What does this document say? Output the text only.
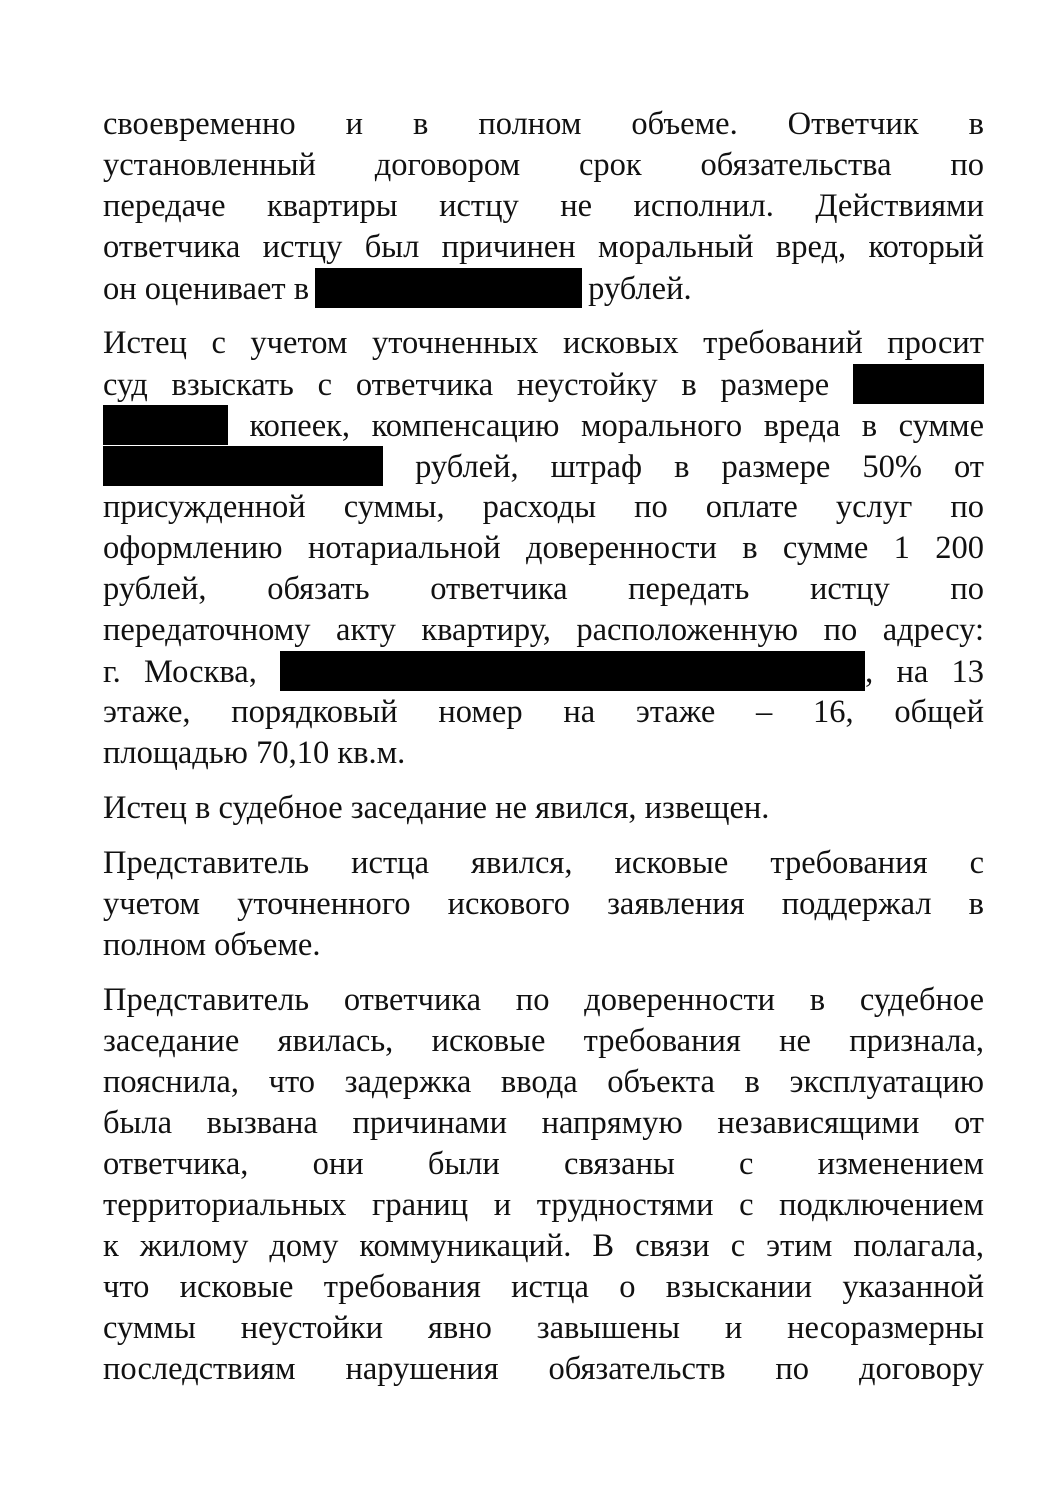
своевременно и в полном объеме. Ответчик в
установленный договором срок обязательства по
передаче квартиры истцу не исполнил. Действиями
ответчика истцу был причинен моральный вред, который
он оценивает в	рублей.
Истец с учетом уточненных исковых требований просит
суд взыскать с ответчика неустойку в размере
копеек, компенсацию морального вреда в сумме
рублей, штраф в размере 50% от
присужденной суммы, расходы по оплате услуг по
оформлению нотариальной доверенности в сумме 1 200
рублей, обязать ответчика передать истцу по
передаточному акту квартиру, расположенную по адресу:
г. Москва,	, на 13
этаже, порядковый номер на этаже – 16, общей
площадью 70,10 кв.м.
Истец в судебное заседание не явился, извещен.
Представитель истца явился, исковые требования с
учетом уточненного искового заявления поддержал в
полном объеме.
Представитель ответчика по доверенности в судебное
заседание явилась, исковые требования не признала,
пояснила, что задержка ввода объекта в эксплуатацию
была вызвана причинами напрямую независящими от
ответчика, они были связаны с изменением
территориальных границ и трудностями с подключением
к жилому дому коммуникаций. В связи с этим полагала,
что исковые требования истца о взыскании указанной
суммы неустойки явно завышены и несоразмерны
последствиям нарушения обязательств по договору
